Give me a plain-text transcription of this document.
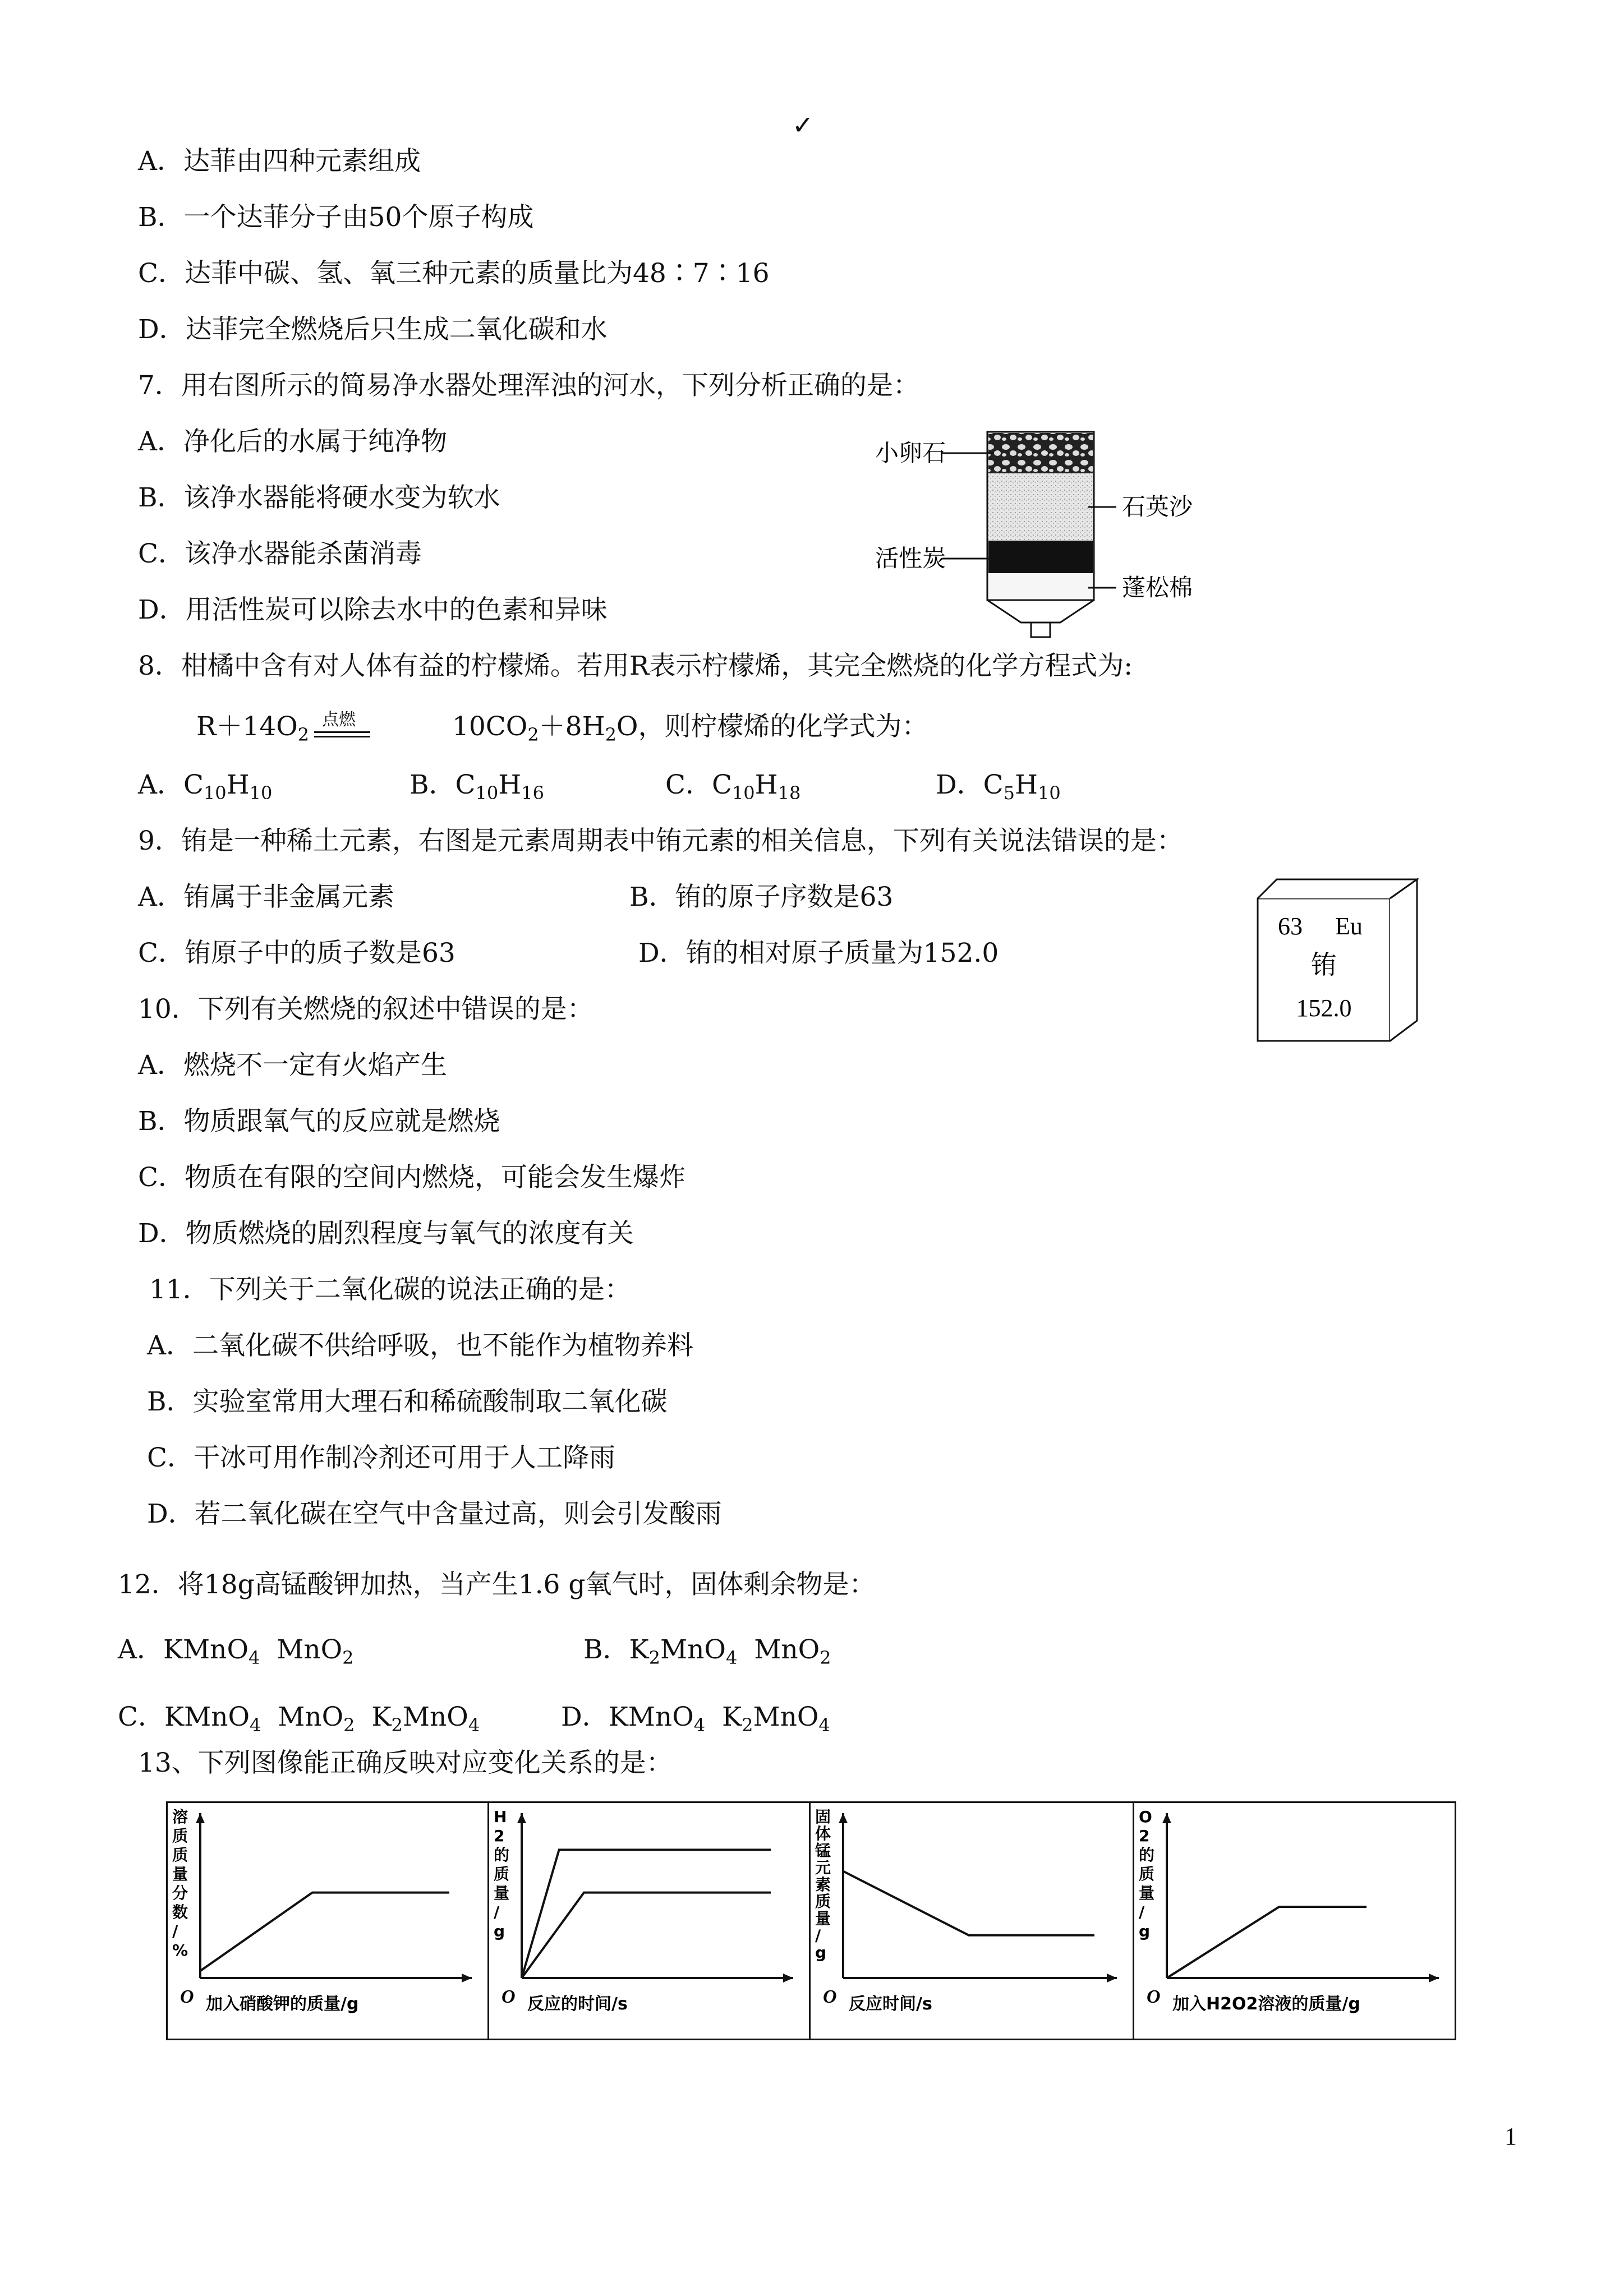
✓
A．达菲由四种元素组成
B．一个达菲分子由50个原子构成
C．达菲中碳、氢、氧三种元素的质量比为48∶7∶16
D．达菲完全燃烧后只生成二氧化碳和水
7．用右图所示的简易净水器处理浑浊的河水，下列分析正确的是：
A．净化后的水属于纯净物
B．该净水器能将硬水变为软水
C．该净水器能杀菌消毒
D．用活性炭可以除去水中的色素和异味
小卵石
石英沙
活性炭
蓬松棉
8．柑橘中含有对人体有益的柠檬烯。若用R表示柠檬烯，其完全燃烧的化学方程式为:
$R+14O_2$
点燃	$10CO_2+8H_2O$，则柠檬烯的化学式为：
A．$C_{10}H_{10}$	B．$C_{10}H_{16}$	C．$C_{10}H_{18}$	D．$C_5H_{10}$
9．铕是一种稀土元素，右图是元素周期表中铕元素的相关信息，下列有关说法错误的是：
A．铕属于非金属元素	B．铕的原子序数是63
C．铕原子中的质子数是63	D．铕的相对原子质量为152.0
63 Eu
铕
152.0
10．下列有关燃烧的叙述中错误的是：
A．燃烧不一定有火焰产生
B．物质跟氧气的反应就是燃烧
C．物质在有限的空间内燃烧，可能会发生爆炸
D．物质燃烧的剧烈程度与氧气的浓度有关
11．下列关于二氧化碳的说法正确的是：
A．二氧化碳不供给呼吸，也不能作为植物养料
B．实验室常用大理石和稀硫酸制取二氧化碳
C．干冰可用作制冷剂还可用于人工降雨
D．若二氧化碳在空气中含量过高，则会引发酸雨
12．将18g高锰酸钾加热，当产生1.6 g氧气时，固体剩余物是：
A．KMnO$_4$  MnO$_2$	B．$K_2MnO_4$  MnO$_2$
C．KMnO$_4$  MnO$_2$  $K_2MnO_4$	D．KMnO$_4$  $K_2MnO_4$
13、下列图像能正确反映对应变化关系的是：
O 加入硝酸钾的质量/g
溶
质
质
量
分
数
/
%
O 反应的时间/s
H
2
的
质
量
/
g
O 反应时间/s
固
体
锰
元
素
质
量
/
g
O 加入H2O2溶液的质量/g
O
2
的
质
量
/
g
1
